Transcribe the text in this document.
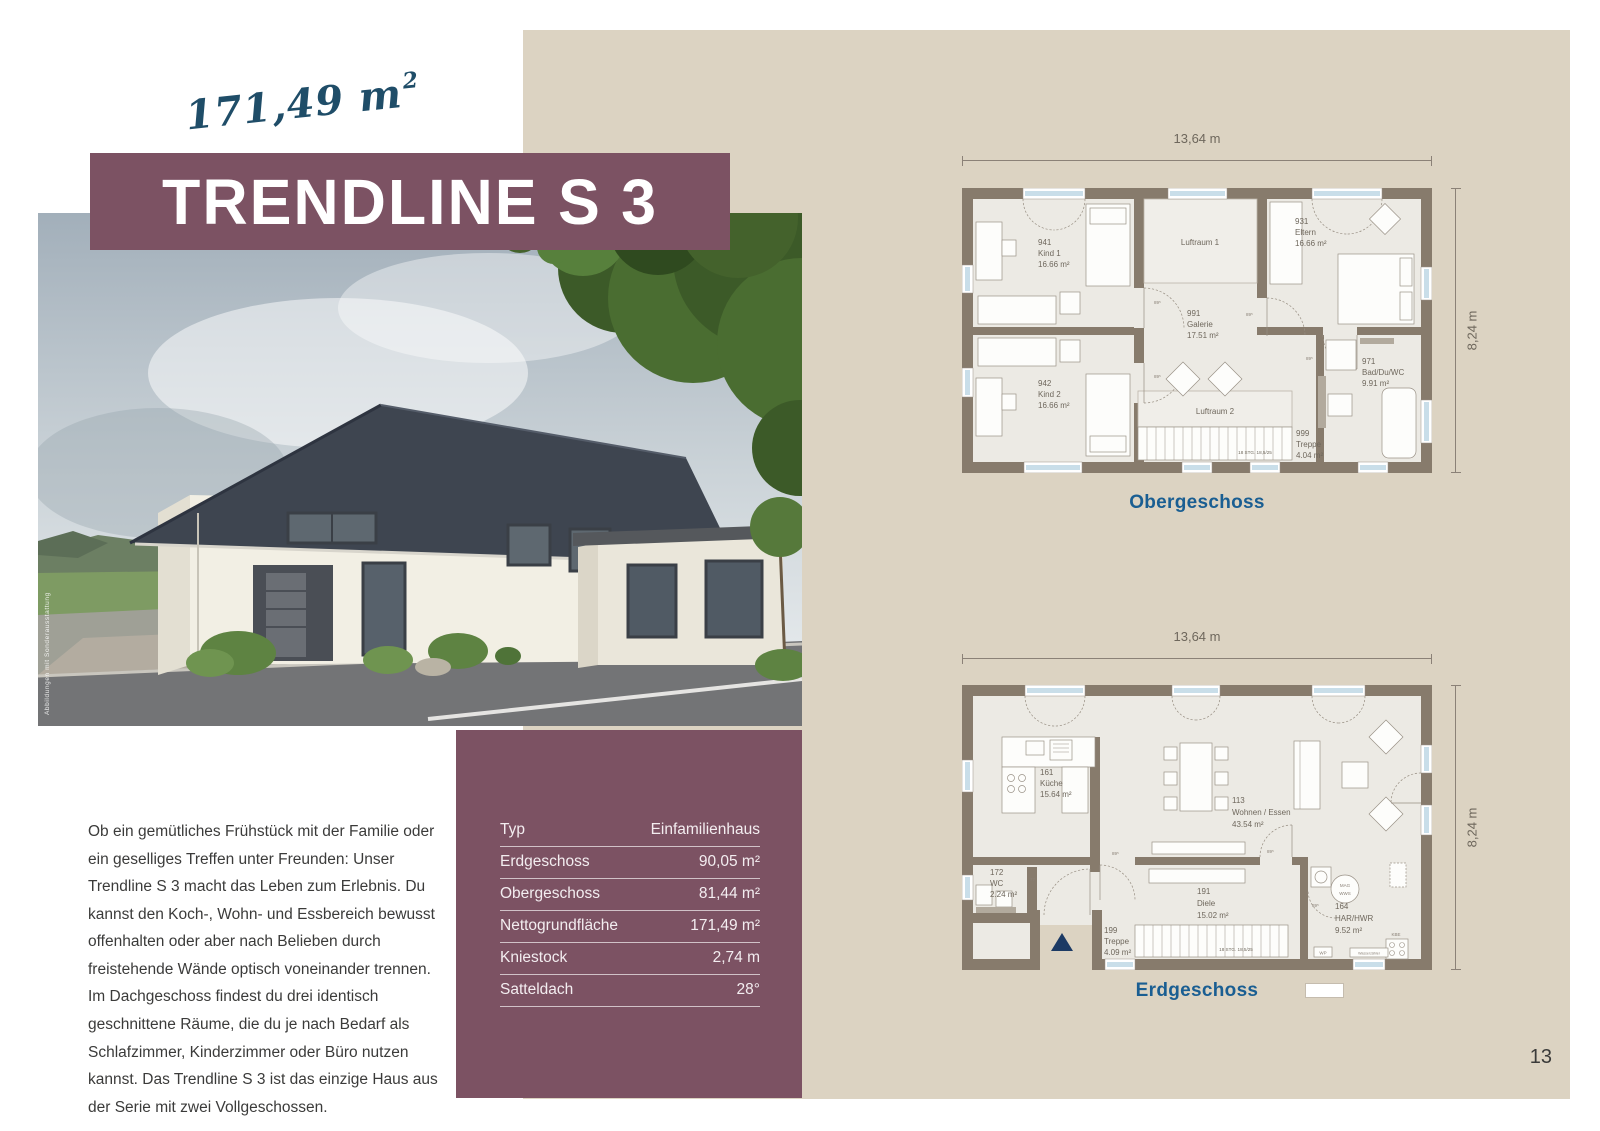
171,49 $m^2$
Abbildungen mit Sonderausstattung
TRENDLINE S 3
Ob ein gemütliches Frühstück mit der Familie oder ein geselliges Treffen unter Freunden: Unser Trendline S 3 macht das Leben zum Erlebnis. Du kannst den Koch-, Wohn- und Essbereich bewusst offenhalten oder aber nach Belieben durch freistehende Wände optisch voneinander trennen. Im Dachgeschoss findest du drei identisch geschnittene Räume, die du je nach Bedarf als Schlafzimmer, Kinderzimmer oder Büro nutzen kannst. Das Trendline S 3 ist das einzige Haus aus der Serie mit zwei Vollgeschossen.
Typ	Einfamilienhaus
Erdgeschoss	90,05 m²
Obergeschoss	81,44 m²
Nettogrundfläche	171,49 m²
Kniestock	2,74 m
Satteldach	28°
13,64 m
8,24 m
941
Kind 1
16.66 m²
Luftraum 1
931
Eltern
16.66 m²
991
Galerie
17.51 m²
942
Kind 2
16.66 m²
Luftraum 2
999
Treppe
4.04 m²
971
Bad/Du/WC
9.91 m²
18 STG. 18,5/25
89⁵
89⁵
89⁵
89⁵
Obergeschoss
13,64 m
8,24 m
161
Küche
15.64 m²
113
Wohnen / Essen
43.54 m²
172
WC
2.24 m²	191
Diele
15.02 m²
199
Treppe
4.09 m²
164
HAR/HWR
9.52 m²
MAG
WWS
KBE
WP	Wasserzähler
77
18 STG. 18,5/25
89⁵	89⁵
89⁵
Erdgeschoss
13
